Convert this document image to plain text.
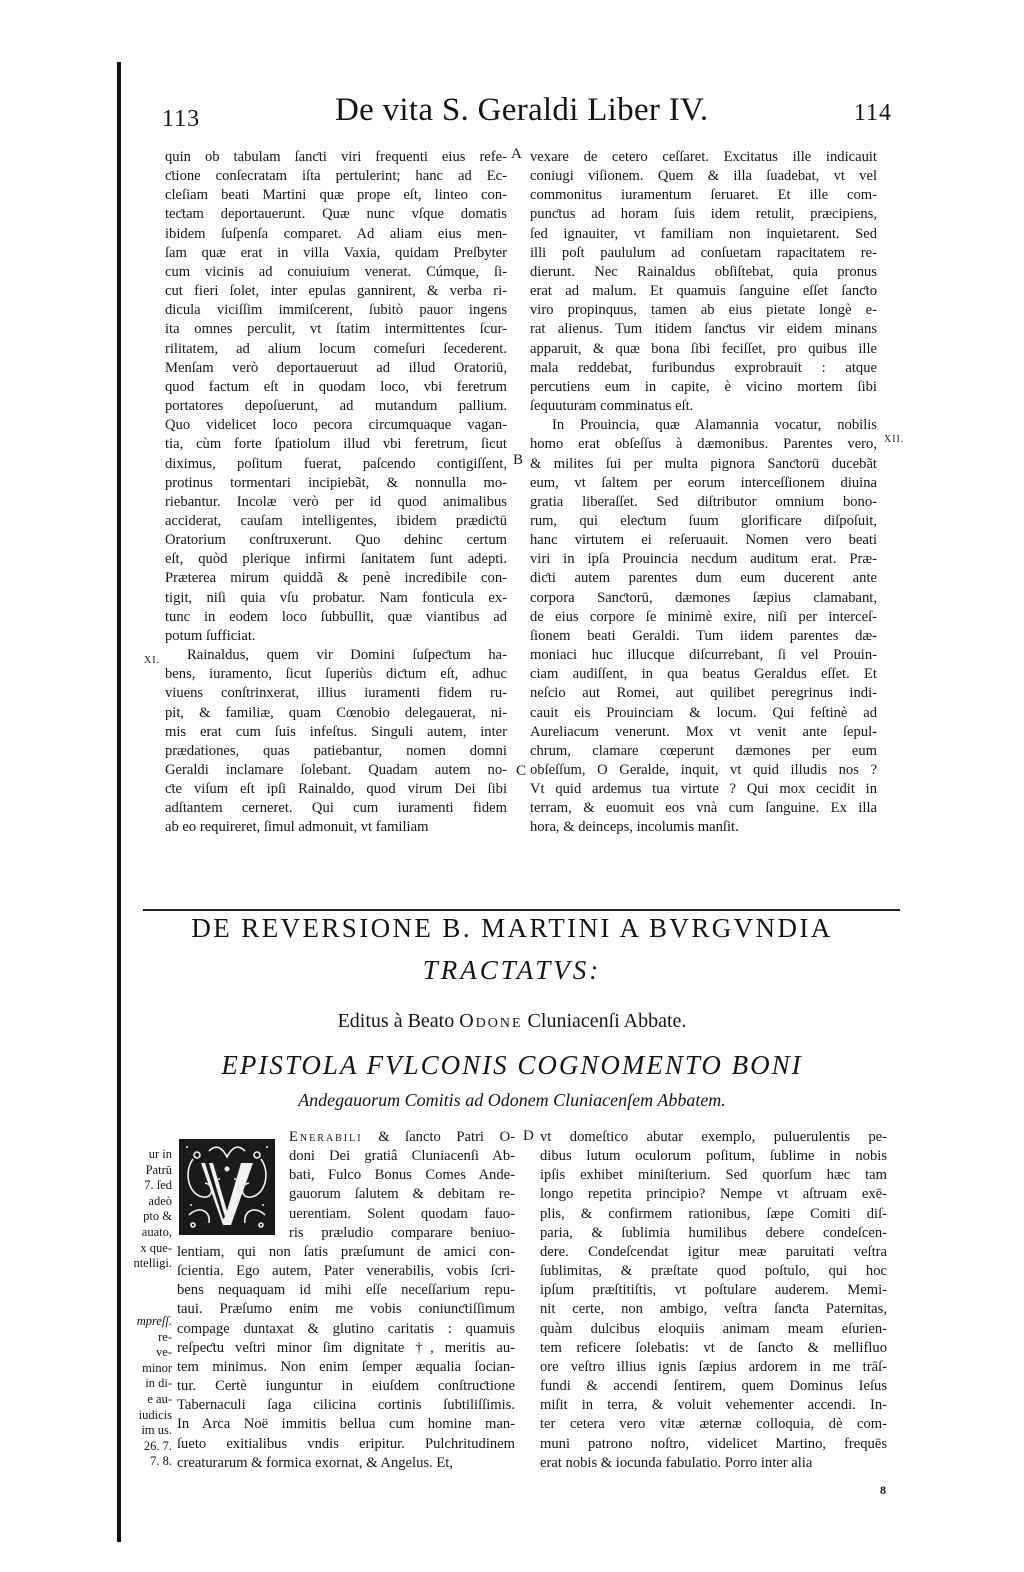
113	De vita S. Geraldi Liber IV.	114
quin ob tabulam ſanƈti viri frequenti eius refe-
ƈtione conſecratam iſta pertulerint; hanc ad Ec-
cleſiam beati Martini quæ prope eſt, linteo con-
teƈtam deportauerunt. Quæ nunc vſque domatis
ibidem ſuſpenſa comparet. Ad aliam eius men-
ſam quæ erat in villa Vaxia, quidam Preſbyter
cum vicinis ad conuiuium venerat. Cúmque, ſi-
cut fieri ſolet, inter epulas gannirent, & verba ri-
dicula viciſſim immiſcerent, ſubitò pauor ingens
ita omnes perculit, vt ſtatim intermittentes ſcur-
rilitatem, ad alium locum comeſuri ſecederent.
Menſam verò deportaueruut ad illud Oratoriū,
quod factum eſt in quodam loco, vbi feretrum
portatores depoſuerunt, ad mutandum pallium.
Quo videlicet loco pecora circumquaque vagan-
tia, cùm forte ſpatiolum illud vbi feretrum, ſicut
diximus, poſitum fuerat, paſcendo contigiſſent,
protinus tormentari incipiebãt, & nonnulla mo-
riebantur. Incolæ verò per id quod animalibus
acciderat, cauſam intelligentes, ibidem prædiƈtū
Oratorium conſtruxerunt. Quo dehinc certum
eſt, quòd plerique infirmi ſanitatem ſunt adepti.
Præterea mirum quiddã & penè incredibile con-
tigit, niſi quia vſu probatur. Nam fonticula ex-
tunc in eodem loco ſubbullit, quæ viantibus ad
potum ſufficiat.
Rainaldus, quem vir Domini ſuſpeƈtum ha-
bens, iuramento, ſicut ſuperiùs diƈtum eſt, adhuc
viuens conſtrinxerat, illius iuramenti fidem ru-
pit, & familiæ, quam Cœnobio delegauerat, ni-
mis erat cum ſuis infeſtus. Singuli autem, inter
prædationes, quas patiebantur, nomen domni
Geraldi inclamare ſolebant. Quadam autem no-
ƈte viſum eſt ipſi Rainaldo, quod virum Dei ſibi
adſtantem cerneret. Qui cum iuramenti fidem
ab eo requireret, ſimul admonuit, vt familiam
vexare de cetero ceſſaret. Excitatus ille indicauit
coniugi viſionem. Quem & illa ſuadebat, vt vel
commonitus iuramentum ſeruaret. Et ille com-
punƈtus ad horam ſuis idem retulit, præcipiens,
ſed ignauiter, vt familiam non inquietarent. Sed
illi poſt paululum ad conſuetam rapacitatem re-
dierunt. Nec Rainaldus obſiſtebat, quia pronus
erat ad malum. Et quamuis ſanguine eſſet ſanƈto
viro propinquus, tamen ab eius pietate longè e-
rat alienus. Tum itidem ſanƈtus vir eidem minans
apparuit, & quæ bona ſibi feciſſet, pro quibus ille
mala reddebat, furibundus exprobrauit : atque
percutiens eum in capite, è vicino mortem ſibi
ſequuturam comminatus eſt.
In Prouincia, quæ Alamannia vocatur, nobilis
homo erat obſeſſus à dæmonibus. Parentes vero,
& milites ſui per multa pignora Sanƈtorū ducebãt
eum, vt ſaltem per eorum interceſſionem diuina
gratia liberaſſet. Sed diſtributor omnium bono-
rum, qui eleƈtum ſuum glorificare diſpoſuit,
hanc virtutem ei reſeruauit. Nomen vero beati
viri in ipſa Prouincia necdum auditum erat. Præ-
diƈti autem parentes dum eum ducerent ante
corpora Sanƈtorū, dæmones ſæpius clamabant,
de eius corpore ſe minimè exire, niſi per interceſ-
ſionem beati Geraldi. Tum iidem parentes dæ-
moniaci huc illucque diſcurrebant, ſi vel Prouin-
ciam audiſſent, in qua beatus Geraldus eſſet. Et
neſcio aut Romei, aut quilibet peregrinus indi-
cauit eis Prouinciam & locum. Qui feſtinè ad
Aureliacum venerunt. Mox vt venit ante ſepul-
chrum, clamare cœperunt dæmones per eum
obſeſſum, O Geralde, inquit, vt quid illudis nos ?
Vt quid ardemus tua virtute ? Qui mox cecidit in
terram, & euomuit eos vnà cum ſanguine. Ex illa
hora, & deinceps, incolumis manſit.
A
B
C
D
XI.
XII.
DE REVERSIONE B. MARTINI A BVRGVNDIA
TRACTATVS:
Editus à Beato Odone Cluniacenſi Abbate.
EPISTOLA FVLCONIS COGNOMENTO BONI
Andegauorum Comitis ad Odonem Cluniacenſem Abbatem.
Enerabili & ſancto Patri O-
doni Dei gratiâ Cluniacenſi Ab-
bati, Fulco Bonus Comes Ande-
gauorum ſalutem & debitam re-
uerentiam. Solent quodam fauo-
ris præludio comparare beniuo-
lentiam, qui non ſatis præſumunt de amici con-
ſcientia. Ego autem, Pater venerabilis, vobis ſcri-
bens nequaquam id mihi eſſe neceſſarium repu-
taui. Præſumo enim me vobis coniunƈtiſſimum
compage duntaxat & glutino caritatis : quamuis
reſpeƈtu veſtri minor ſim dignitate †, meritis au-
tem minimus. Non enim ſemper æqualia ſocian-
tur. Certè iunguntur in eiuſdem conſtruƈtione
Tabernaculi ſaga cilicina cortinis ſubtiliſſimis.
In Arca Noë immitis bellua cum homine man-
ſueto exitialibus vndis eripitur. Pulchritudinem
creaturarum & formica exornat, & Angelus. Et,
vt domeſtico abutar exemplo, puluerulentis pe-
dibus lutum oculorum poſitum, ſublime in nobis
ipſis exhibet miniſterium. Sed quorſum hæc tam
longo repetita principio? Nempe vt aſtruam exē-
plis, & confirmem rationibus, ſæpe Comiti diſ-
paria, & ſublimia humilibus debere condeſcen-
dere. Condeſcendat igitur meæ paruitati veſtra
ſublimitas, & præſtate quod poſtulo, qui hoc
ipſum præſtitiſtis, vt poſtulare auderem. Memi-
nit certe, non ambigo, veſtra ſanƈta Paternitas,
quàm dulcibus eloquiis animam meam eſurien-
tem reficere ſolebatis: vt de ſanƈto & mellifluo
ore veſtro illius ignis ſæpius ardorem in me trāſ-
fundi & accendi ſentirem, quem Dominus Ieſus
miſit in terra, & voluit vehementer accendi. In-
ter cetera vero vitæ æternæ colloquia, dè com-
muni patrono noſtro, videlicet Martino, frequēs
erat nobis & iocunda fabulatio. Porro inter alia
ur in
Patrū
7. ſed
adeò
pto &
auato,
x que-
ntelligi.
mpreſſ.
re-
ve-
minor
in di-
e au-
iudicis
im us.
26. 7.
7. 8.
8
